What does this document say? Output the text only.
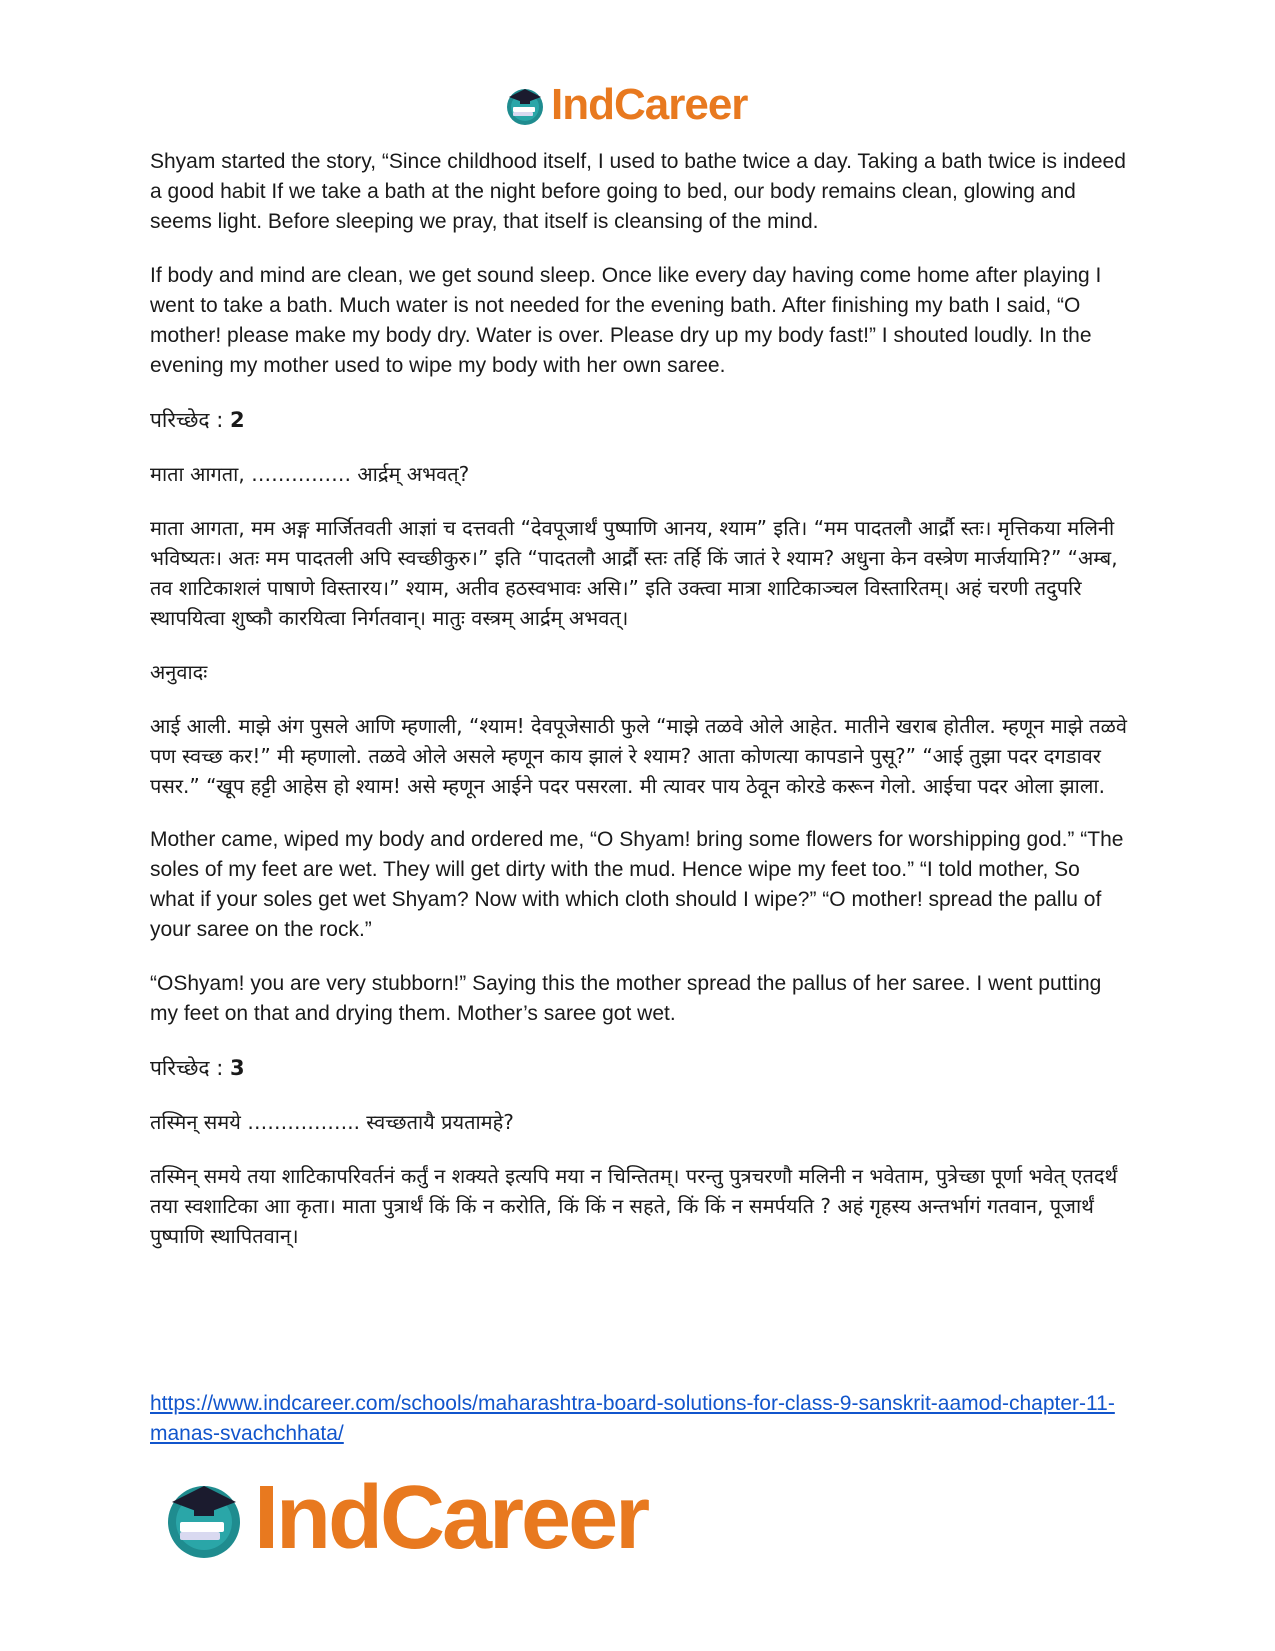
IndCareer

Shyam started the story, “Since childhood itself, I used to bathe twice a day. Taking a bath twice is indeed a good habit If we take a bath at the night before going to bed, our body remains clean, glowing and seems light. Before sleeping we pray, that itself is cleansing of the mind.

If body and mind are clean, we get sound sleep. Once like every day having come home after playing I went to take a bath. Much water is not needed for the evening bath. After finishing my bath I said, “O mother! please make my body dry. Water is over. Please dry up my body fast!” I shouted loudly. In the evening my mother used to wipe my body with her own saree.

परिच्छेद : 2

माता आगता, …………… आर्द्रम् अभवत्?

माता आगता, मम अङ्ग मार्जितवती आज्ञां च दत्तवती “देवपूजार्थं पुष्पाणि आनय, श्याम” इति। “मम पादतलौ आर्द्रौ स्तः। मृत्तिकया मलिनी भविष्यतः। अतः मम पादतली अपि स्वच्छीकुरु।” इति “पादतलौ आर्द्रौ स्तः तर्हि किं जातं रे श्याम? अधुना केन वस्त्रेण मार्जयामि?” “अम्ब, तव शाटिकाशलं पाषाणे विस्तारय।” श्याम, अतीव हठस्वभावः असि।” इति उक्त्वा मात्रा शाटिकाञ्चल विस्तारितम्। अहं चरणी तदुपरि स्थापयित्वा शुष्कौ कारयित्वा निर्गतवान्। मातुः वस्त्रम् आर्द्रम् अभवत्।

अनुवादः

आई आली. माझे अंग पुसले आणि म्हणाली, “श्याम! देवपूजेसाठी फुले “माझे तळवे ओले आहेत. मातीने खराब होतील. म्हणून माझे तळवे पण स्वच्छ कर!” मी म्हणालो. तळवे ओले असले म्हणून काय झालं रे श्याम? आता कोणत्या कापडाने पुसू?” “आई तुझा पदर दगडावर पसर.” “खूप हट्टी आहेस हो श्याम! असे म्हणून आईने पदर पसरला. मी त्यावर पाय ठेवून कोरडे करून गेलो. आईचा पदर ओला झाला.

Mother came, wiped my body and ordered me, “O Shyam! bring some flowers for worshipping god.” “The soles of my feet are wet. They will get dirty with the mud. Hence wipe my feet too.” “I told mother, So what if your soles get wet Shyam? Now with which cloth should I wipe?” “O mother! spread the pallu of your saree on the rock.”

“OShyam! you are very stubborn!” Saying this the mother spread the pallus of her saree. I went putting my feet on that and drying them. Mother’s saree got wet.

परिच्छेद : 3

तस्मिन् समये …………….. स्वच्छतायै प्रयतामहे?

तस्मिन् समये तया शाटिकापरिवर्तनं कर्तुं न शक्यते इत्यपि मया न चिन्तितम्। परन्तु पुत्रचरणौ मलिनी न भवेताम, पुत्रेच्छा पूर्णा भवेत् एतदर्थं तया स्वशाटिका आा कृता। माता पुत्रार्थं किं किं न करोति, किं किं न सहते, किं किं न समर्पयति ? अहं गृहस्य अन्तर्भागं गतवान, पूजार्थं पुष्पाणि स्थापितवान्।

https://www.indcareer.com/schools/maharashtra-board-solutions-for-class-9-sanskrit-aamod-chapter-11-manas-svachchhata/
IndCareer
